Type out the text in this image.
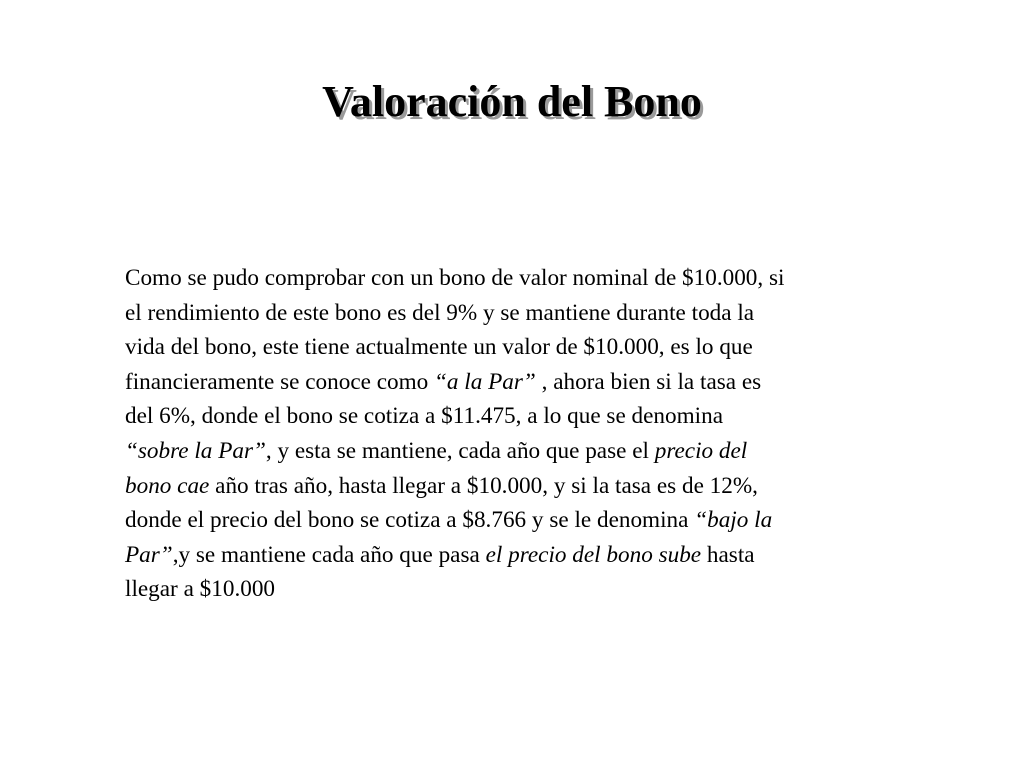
Valoración del Bono
Como se pudo comprobar con un bono de valor nominal de $10.000, si
el rendimiento de este bono es del 9% y se mantiene durante toda la
vida del bono, este tiene actualmente un valor de $10.000, es lo que
financieramente se conoce como “a la Par” , ahora bien si la tasa es
del 6%, donde el bono se cotiza a $11.475, a lo que se denomina
“sobre la Par”, y esta se mantiene, cada año que pase el precio del
bono cae año tras año, hasta llegar a $10.000, y si la tasa es de 12%,
donde el precio del bono se cotiza a $8.766 y se le denomina “bajo la
Par”,y se mantiene cada año que pasa el precio del bono sube hasta
llegar a $10.000
